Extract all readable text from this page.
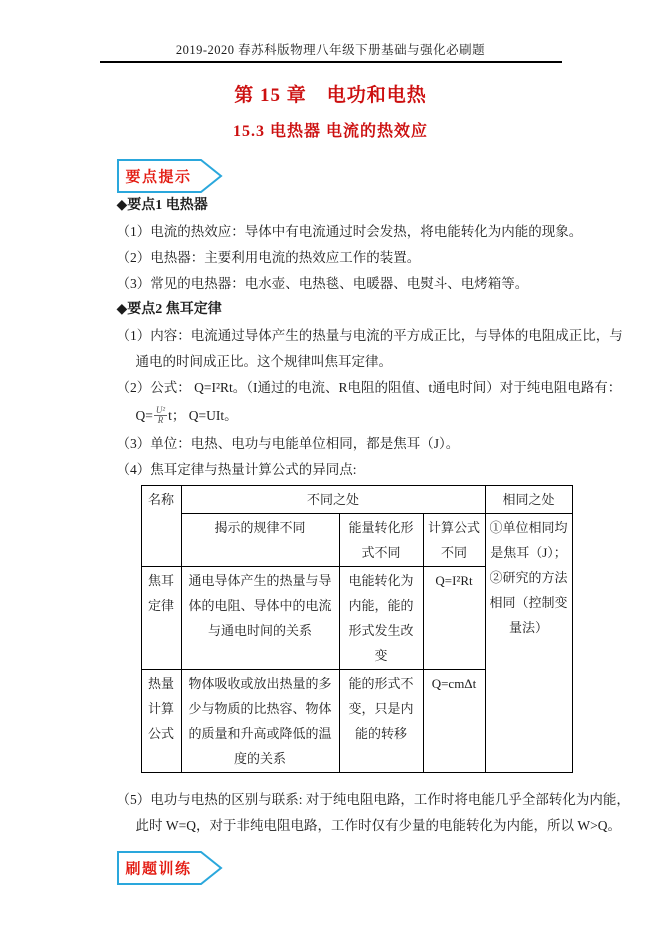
2019-2020 春苏科版物理八年级下册基础与强化必刷题
第 15 章　电功和电热
15.3 电热器 电流的热效应
要点提示
◆要点1 电热器
（1）电流的热效应：导体中有电流通过时会发热，将电能转化为内能的现象。
（2）电热器：主要利用电流的热效应工作的装置。
（3）常见的电热器：电水壶、电热毯、电暖器、电熨斗、电烤箱等。
◆要点2 焦耳定律
（1）内容：电流通过导体产生的热量与电流的平方成正比，与导体的电阻成正比，与
通电的时间成正比。这个规律叫焦耳定律。
（2）公式： Q=I²Rt。（I通过的电流、R电阻的阻值、t通电时间）对于纯电阻电路有：
$Q= \frac{\text{U²}}{R}$ t； Q=UIt。
（3）单位：电热、电功与电能单位相同，都是焦耳（J）。
（4）焦耳定律与热量计算公式的异同点:
名称	不同之处			相同之处
	揭示的规律不同	能量转化形式不同	计算公式不同	①单位相同均是焦耳（J）；②研究的方法相同（控制变量法）
焦耳定律	通电导体产生的热量与导体的电阻、导体中的电流与通电时间的关系	电能转化为内能，能的形式发生改变	Q=I²Rt	
热量计算公式	物体吸收或放出热量的多少与物质的比热容、物体的质量和升高或降低的温度的关系	能的形式不变，只是内能的转移	Q=cmΔt	
（5）电功与电热的区别与联系: 对于纯电阻电路，工作时将电能几乎全部转化为内能，
此时 W=Q，对于非纯电阻电路，工作时仅有少量的电能转化为内能，所以 W>Q。
刷题训练
